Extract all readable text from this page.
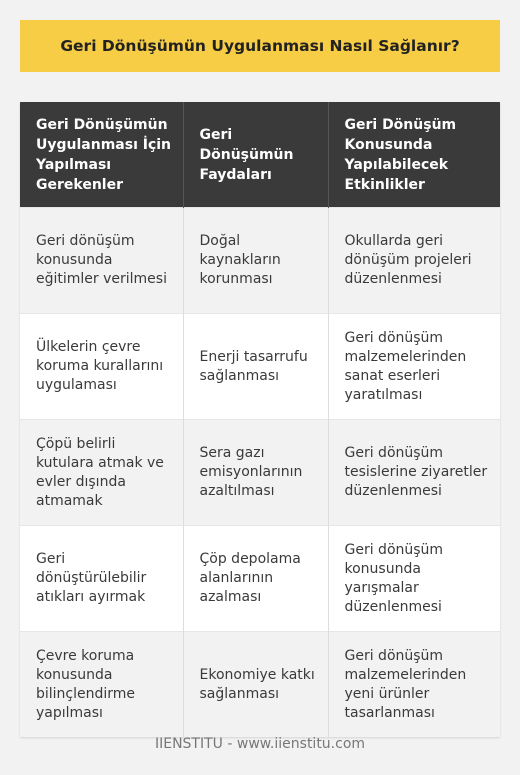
Geri Dönüşümün Uygulanması Nasıl Sağlanır?
Geri Dönüşümün Uygulanması İçin Yapılması Gerekenler	Geri Dönüşümün Faydaları	Geri Dönüşüm Konusunda Yapılabilecek Etkinlikler
Geri dönüşüm konusunda eğitimler verilmesi	Doğal kaynakların korunması	Okullarda geri dönüşüm projeleri düzenlenmesi
Ülkelerin çevre koruma kurallarını uygulaması	Enerji tasarrufu sağlanması	Geri dönüşüm malzemelerinden sanat eserleri yaratılması
Çöpü belirli kutulara atmak ve evler dışında atmamak	Sera gazı emisyonlarının azaltılması	Geri dönüşüm tesislerine ziyaretler düzenlenmesi
Geri dönüştürülebilir atıkları ayırmak	Çöp depolama alanlarının azalması	Geri dönüşüm konusunda yarışmalar düzenlenmesi
Çevre koruma konusunda bilinçlendirme yapılması	Ekonomiye katkı sağlanması	Geri dönüşüm malzemelerinden yeni ürünler tasarlanması
IIENSTITU - www.iienstitu.com
